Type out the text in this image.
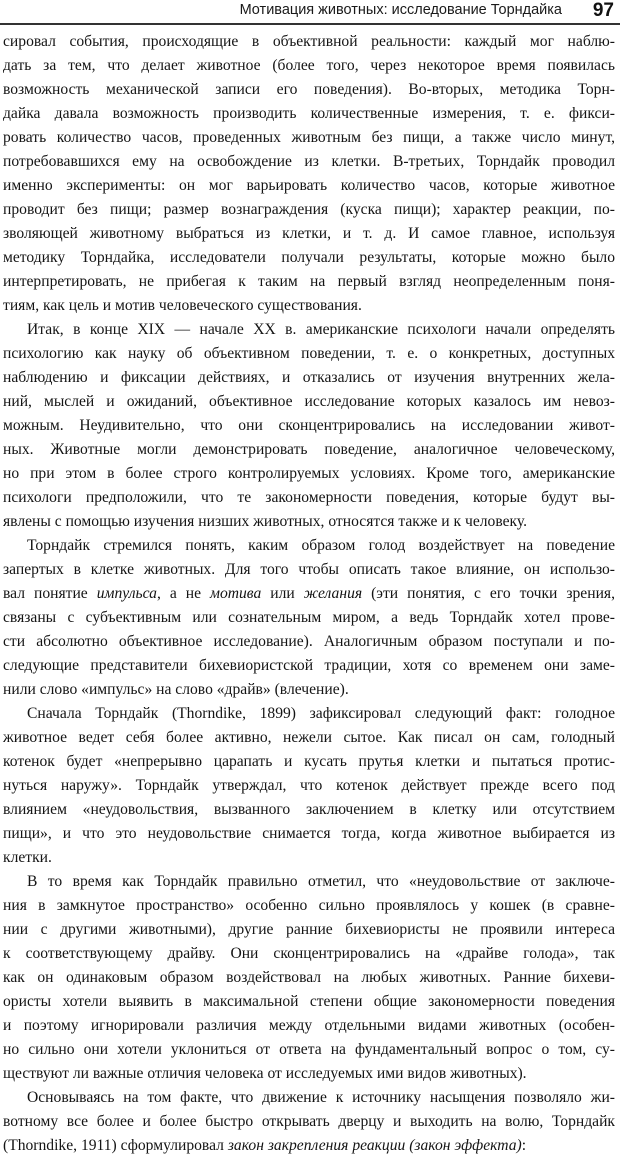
Мотивация животных: исследование Торндайка 97

сировал события, происходящие в объективной реальности: каждый мог наблю-
дать за тем, что делает животное (более того, через некоторое время появилась
возможность механической записи его поведения). Во-вторых, методика Торн-
дайка давала возможность производить количественные измерения, т. е. фикси-
ровать количество часов, проведенных животным без пищи, а также число минут,
потребовавшихся ему на освобождение из клетки. В-третьих, Торндайк проводил
именно эксперименты: он мог варьировать количество часов, которые животное
проводит без пищи; размер вознаграждения (куска пищи); характер реакции, по-
зволяющей животному выбраться из клетки, и т. д. И самое главное, используя
методику Торндайка, исследователи получали результаты, которые можно было
интерпретировать, не прибегая к таким на первый взгляд неопределенным поня-
тиям, как цель и мотив человеческого существования.

Итак, в конце XIX — начале XX в. американские психологи начали определять
психологию как науку об объективном поведении, т. е. о конкретных, доступных
наблюдению и фиксации действиях, и отказались от изучения внутренних жела-
ний, мыслей и ожиданий, объективное исследование которых казалось им невоз-
можным. Неудивительно, что они сконцентрировались на исследовании живот-
ных. Животные могли демонстрировать поведение, аналогичное человеческому,
но при этом в более строго контролируемых условиях. Кроме того, американские
психологи предположили, что те закономерности поведения, которые будут вы-
явлены с помощью изучения низших животных, относятся также и к человеку.

Торндайк стремился понять, каким образом голод воздействует на поведение
запертых в клетке животных. Для того чтобы описать такое влияние, он использо-
вал понятие импульса, а не мотива или желания (эти понятия, с его точки зрения,
связаны с субъективным или сознательным миром, а ведь Торндайк хотел прове-
сти абсолютно объективное исследование). Аналогичным образом поступали и по-
следующие представители бихевиористской традиции, хотя со временем они заме-
нили слово «импульс» на слово «драйв» (влечение).

Сначала Торндайк (Thorndike, 1899) зафиксировал следующий факт: голодное
животное ведет себя более активно, нежели сытое. Как писал он сам, голодный
котенок будет «непрерывно царапать и кусать прутья клетки и пытаться протис-
нуться наружу». Торндайк утверждал, что котенок действует прежде всего под
влиянием «неудовольствия, вызванного заключением в клетку или отсутствием
пищи», и что это неудовольствие снимается тогда, когда животное выбирается из
клетки.

В то время как Торндайк правильно отметил, что «неудовольствие от заключе-
ния в замкнутое пространство» особенно сильно проявлялось у кошек (в сравне-
нии с другими животными), другие ранние бихевиористы не проявили интереса
к соответствующему драйву. Они сконцентрировались на «драйве голода», так
как он одинаковым образом воздействовал на любых животных. Ранние бихеви-
ористы хотели выявить в максимальной степени общие закономерности поведения
и поэтому игнорировали различия между отдельными видами животных (особен-
но сильно они хотели уклониться от ответа на фундаментальный вопрос о том, су-
ществуют ли важные отличия человека от исследуемых ими видов животных).

Основываясь на том факте, что движение к источнику насыщения позволяло жи-
вотному все более и более быстро открывать дверцу и выходить на волю, Торндайк
(Thorndike, 1911) сформулировал закон закрепления реакции (закон эффекта):
